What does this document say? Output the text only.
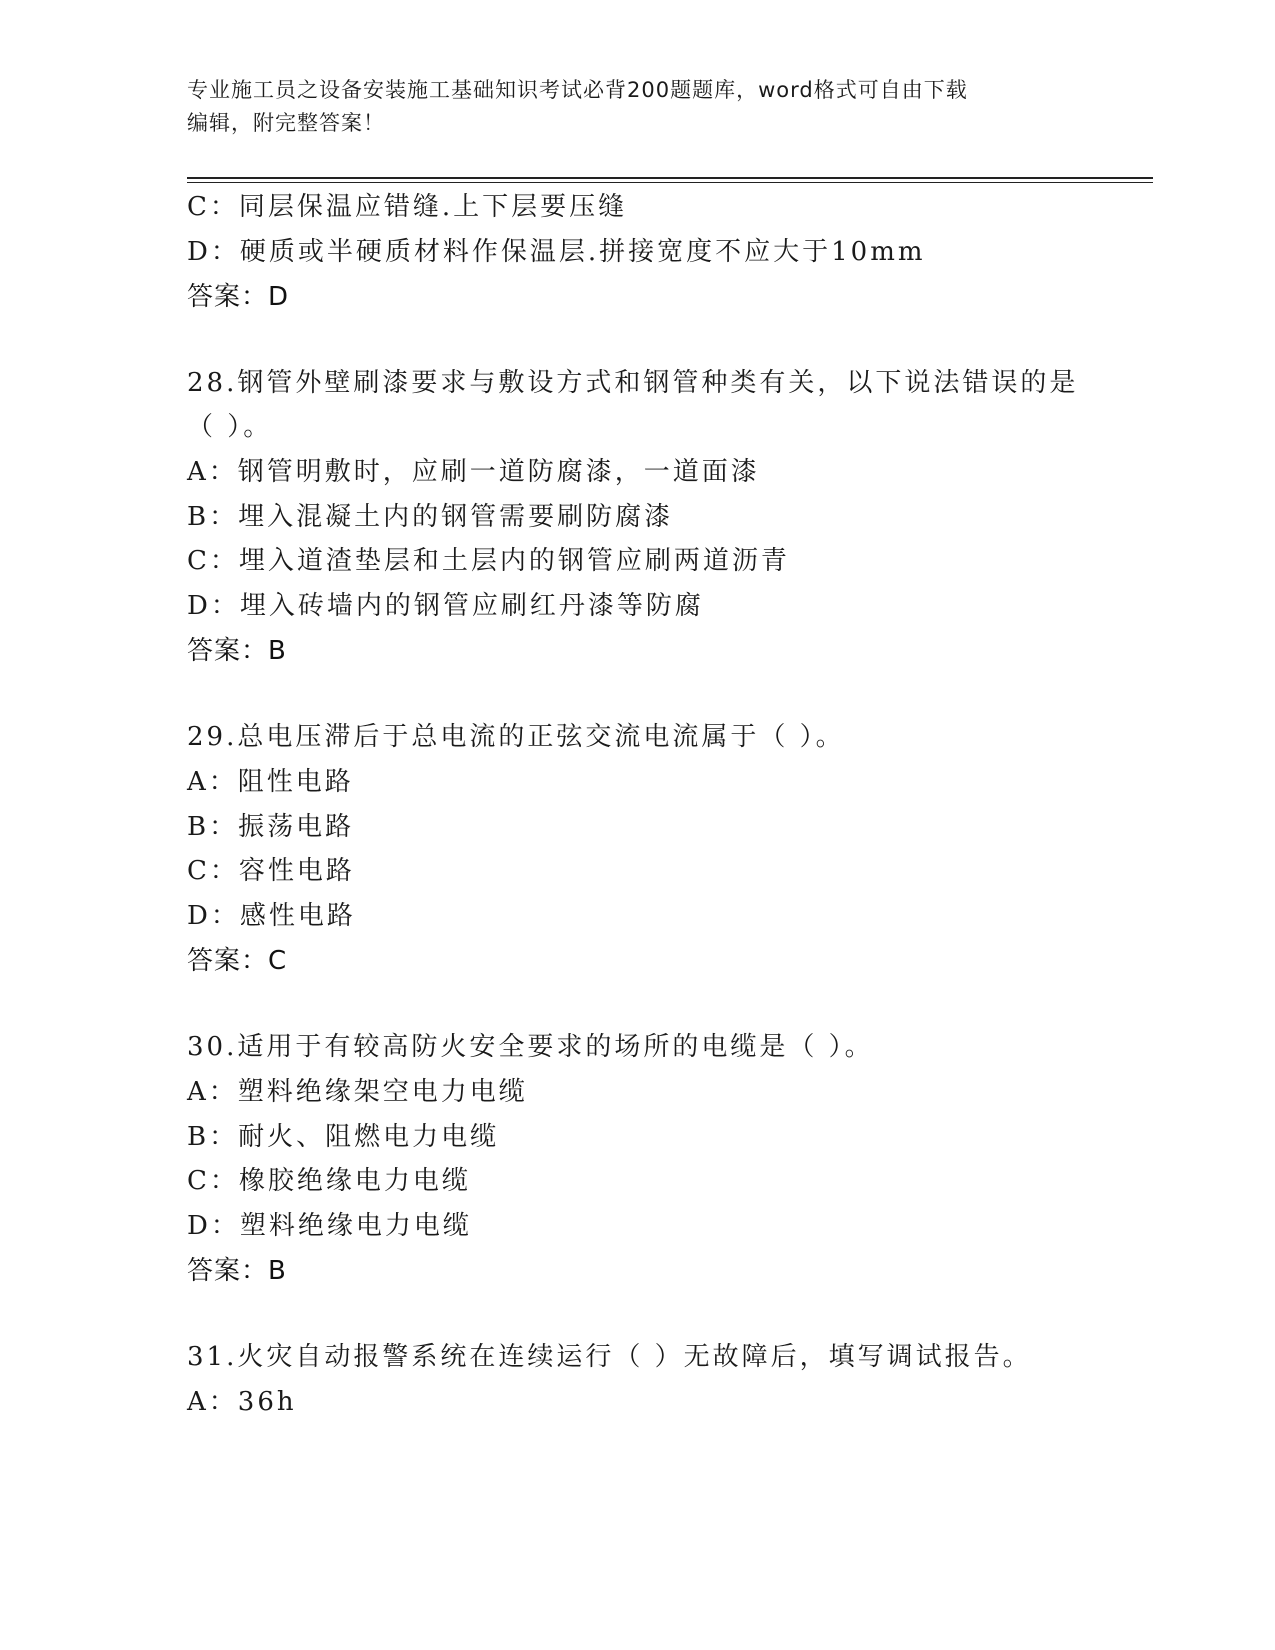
专业施工员之设备安装施工基础知识考试必背200题题库，word格式可自由下载
编辑，附完整答案！
C：同层保温应错缝.上下层要压缝
D：硬质或半硬质材料作保温层.拼接宽度不应大于10mm
答案：D
28.钢管外壁刷漆要求与敷设方式和钢管种类有关，以下说法错误的是
（ ）。
A：钢管明敷时，应刷一道防腐漆，一道面漆
B：埋入混凝土内的钢管需要刷防腐漆
C：埋入道渣垫层和土层内的钢管应刷两道沥青
D：埋入砖墙内的钢管应刷红丹漆等防腐
答案：B
29.总电压滞后于总电流的正弦交流电流属于（ ）。
A：阻性电路
B：振荡电路
C：容性电路
D：感性电路
答案：C
30.适用于有较高防火安全要求的场所的电缆是（ ）。
A：塑料绝缘架空电力电缆
B：耐火、阻燃电力电缆
C：橡胶绝缘电力电缆
D：塑料绝缘电力电缆
答案：B
31.火灾自动报警系统在连续运行（ ）无故障后，填写调试报告。
A：36h
